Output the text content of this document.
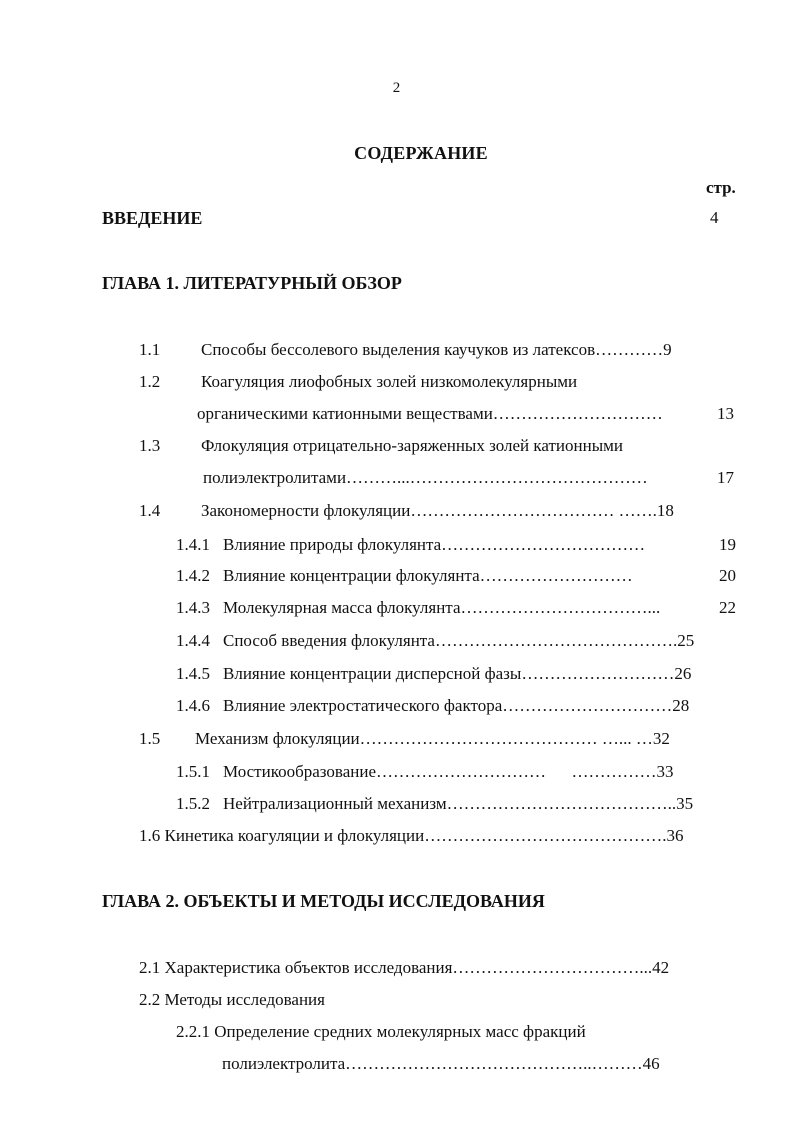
2
СОДЕРЖАНИЕ
стр.
ВВЕДЕНИЕ	4
ГЛАВА 1. ЛИТЕРАТУРНЫЙ ОБЗОР
1.1 Способы бессолевого выделения каучуков из латексов…………9
1.2 Коагуляция лиофобных золей низкомолекулярными
органическими катионными веществами…………………………	13
1.3 Флокуляция отрицательно-заряженных золей катионными
полиэлектролитами………...……………………………………	17
1.4 Закономерности флокуляции……………………………… …….18
1.4.1 Влияние природы флокулянта………………………………	19
1.4.2 Влияние концентрации флокулянта………………………	20
1.4.3 Молекулярная масса флокулянта……………………………...	22
1.4.4 Способ введения флокулянта…………………………………….25
1.4.5 Влияние концентрации дисперсной фазы………………………26
1.4.6 Влияние электростатического фактора…………………………28
1.5 Механизм флокуляции…………………………………… …... …32
1.5.1 Мостикообразование…………………………      ……………33
1.5.2 Нейтрализационный механизм…………………………………..35
1.6 Кинетика коагуляции и флокуляции…………………………………….36
ГЛАВА 2. ОБЪЕКТЫ И МЕТОДЫ ИССЛЕДОВАНИЯ
2.1 Характеристика объектов исследования……………………………...42
2.2 Методы исследования
2.2.1 Определение средних молекулярных масс фракций
полиэлектролита……………………………………..………46
